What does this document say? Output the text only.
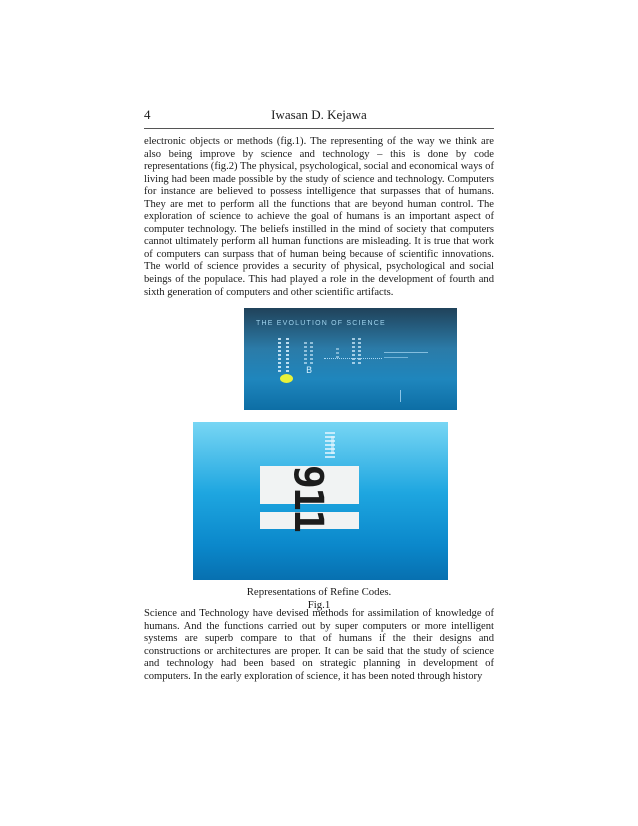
4	Iwasan D. Kejawa
electronic objects or methods (fig.1). The representing of the way we think are also being improve by science and technology – this is done by code representations (fig.2) The physical, psychological, social and economical ways of living had been made possible by the study of science and technology. Computers for instance are believed to possess intelligence that surpasses that of humans. They are met to perform all the functions that are beyond human control. The exploration of science to achieve the goal of humans is an important aspect of computer technology. The beliefs instilled in the mind of society that computers cannot ultimately perform all human functions are misleading. It is true that work of computers can surpass that of human being because of scientific innovations. The world of science provides a security of physical, psychological and social beings of the populace. This had played a role in the development of fourth and sixth generation of computers and other scientific artifacts.
THE EVOLUTION OF SCIENCE
B
911
Representations of Refine Codes.
Fig.1
Science and Technology have devised methods for assimilation of knowledge of humans. And the functions carried out by super computers or more intelligent systems are superb compare to that of humans if the their designs and constructions or architectures are proper. It can be said that the study of science and technology had been based on strategic planning in development of computers. In the early exploration of science, it has been noted through history
